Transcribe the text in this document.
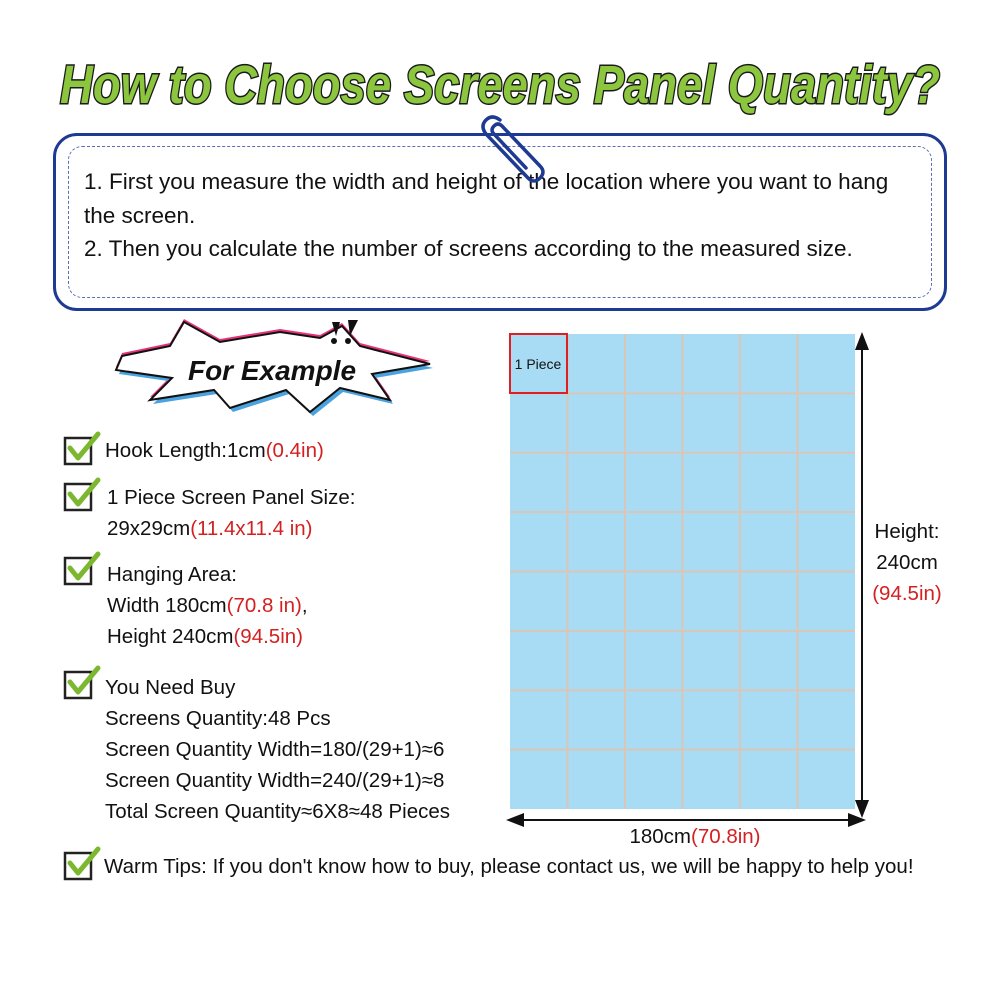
How to Choose Screens Panel Quantity?

1. First you measure the width and height of the location where you want to hang the screen.

2. Then you calculate the number of screens according to the measured size.

For Example
Hook Length:1cm(0.4in)
1 Piece Screen Panel Size:
29x29cm(11.4x11.4 in)
Hanging Area:
Width 180cm(70.8 in),
Height 240cm(94.5in)
You Need Buy
Screens Quantity:48 Pcs
Screen Quantity Width=180/(29+1)≈6
Screen Quantity Width=240/(29+1)≈8
Total Screen Quantity≈6X8≈48 Pieces
Warm Tips: If you don't know how to buy, please contact us, we will be happy to help you!
1 Piece
Height:
240cm
(94.5in)
180cm(70.8in)
